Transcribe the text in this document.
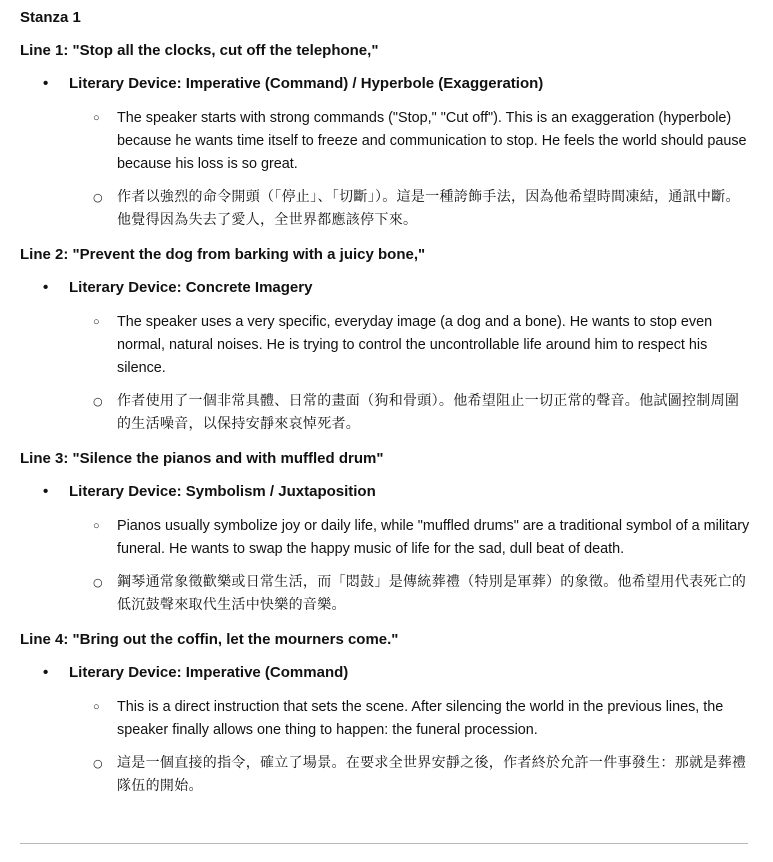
Stanza 1
Line 1: "Stop all the clocks, cut off the telephone,"
• Literary Device: Imperative (Command) / Hyperbole (Exaggeration)
○ The speaker starts with strong commands ("Stop," "Cut off"). This is an exaggeration (hyperbole) because he wants time itself to freeze and communication to stop. He feels the world should pause because his loss is so great.
○ 作者以強烈的命令開頭（「停止」、「切斷」）。這是一種誇飾手法，因為他希望時間凍結，通訊中斷。他覺得因為失去了愛人，全世界都應該停下來。
Line 2: "Prevent the dog from barking with a juicy bone,"
• Literary Device: Concrete Imagery
○ The speaker uses a very specific, everyday image (a dog and a bone). He wants to stop even normal, natural noises. He is trying to control the uncontrollable life around him to respect his silence.
○ 作者使用了一個非常具體、日常的畫面（狗和骨頭）。他希望阻止一切正常的聲音。他試圖控制周圍的生活噪音，以保持安靜來哀悼死者。
Line 3: "Silence the pianos and with muffled drum"
• Literary Device: Symbolism / Juxtaposition
○ Pianos usually symbolize joy or daily life, while "muffled drums" are a traditional symbol of a military funeral. He wants to swap the happy music of life for the sad, dull beat of death.
○ 鋼琴通常象徵歡樂或日常生活，而「悶鼓」是傳統葬禮（特別是軍葬）的象徵。他希望用代表死亡的低沉鼓聲來取代生活中快樂的音樂。
Line 4: "Bring out the coffin, let the mourners come."
• Literary Device: Imperative (Command)
○ This is a direct instruction that sets the scene. After silencing the world in the previous lines, the speaker finally allows one thing to happen: the funeral procession.
○ 這是一個直接的指令，確立了場景。在要求全世界安靜之後，作者終於允許一件事發生：那就是葬禮隊伍的開始。
